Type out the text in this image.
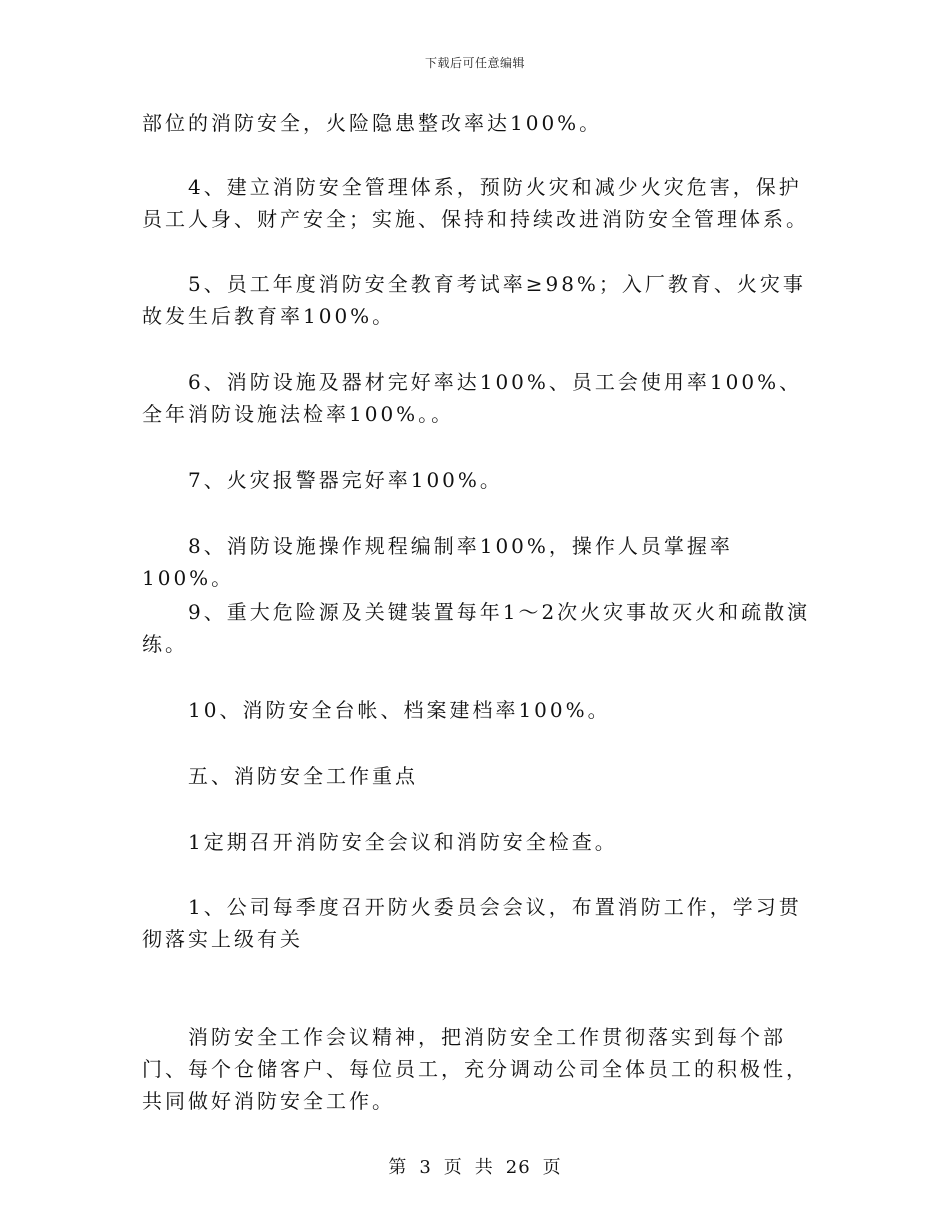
下载后可任意编辑
部位的消防安全，火险隐患整改率达100%。
4、建立消防安全管理体系，预防火灾和减少火灾危害，保护员工人身、财产安全；实施、保持和持续改进消防安全管理体系。
5、员工年度消防安全教育考试率≥98%；入厂教育、火灾事故发生后教育率100%。
6、消防设施及器材完好率达100%、员工会使用率100%、全年消防设施法检率100%。。
7、火灾报警器完好率100%。
8、消防设施操作规程编制率100%，操作人员掌握率100%。
9、重大危险源及关键装置每年1～2次火灾事故灭火和疏散演练。
10、消防安全台帐、档案建档率100%。
五、消防安全工作重点
1定期召开消防安全会议和消防安全检查。
1、公司每季度召开防火委员会会议，布置消防工作，学习贯彻落实上级有关
消防安全工作会议精神，把消防安全工作贯彻落实到每个部门、每个仓储客户、每位员工，充分调动公司全体员工的积极性，共同做好消防安全工作。
第 3 页 共 26 页
